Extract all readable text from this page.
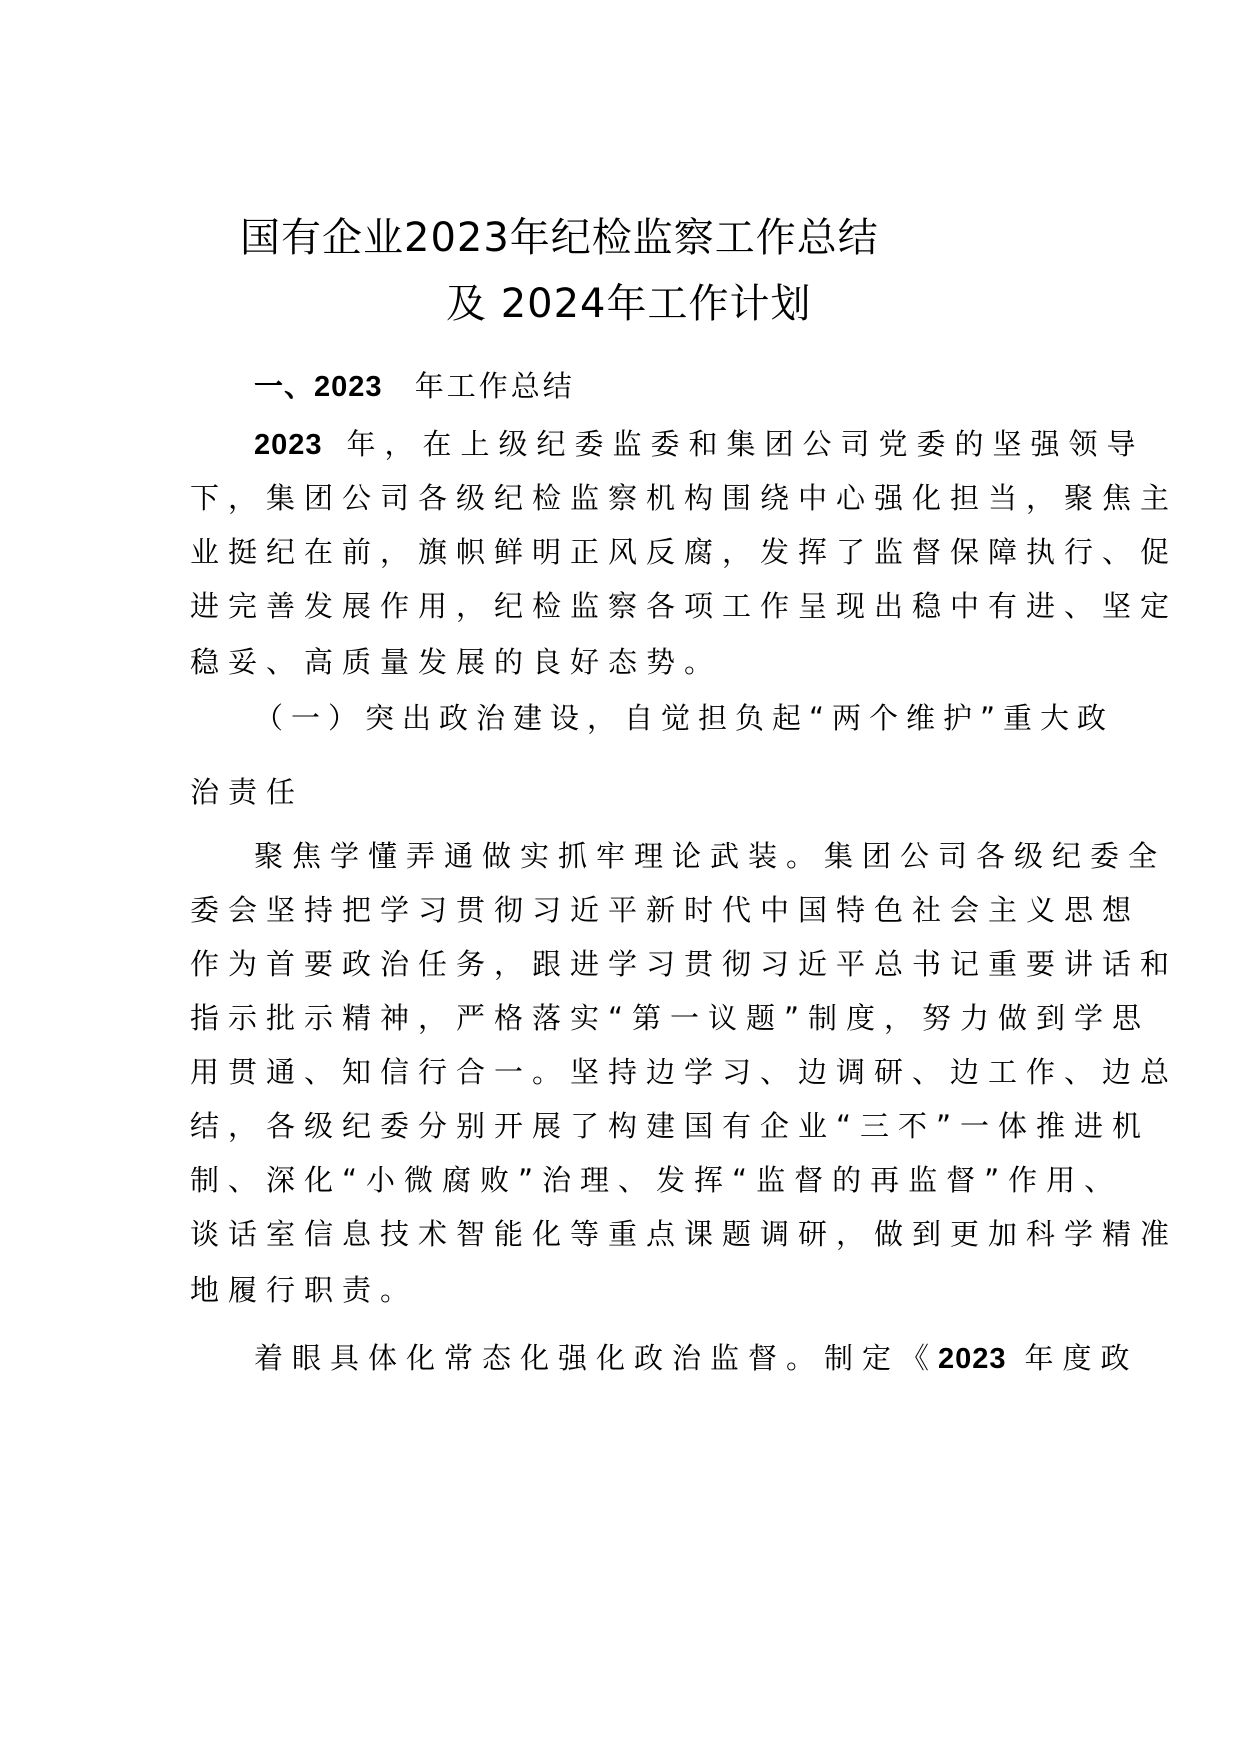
国有企业2023年纪检监察工作总结
及 2024年工作计划
一、2023 年工作总结
2023 年，在上级纪委监委和集团公司党委的坚强领导
下，集团公司各级纪检监察机构围绕中心强化担当，聚焦主
业挺纪在前，旗帜鲜明正风反腐，发挥了监督保障执行、促
进完善发展作用，纪检监察各项工作呈现出稳中有进、坚定
稳妥、高质量发展的良好态势。
（一）突出政治建设，自觉担负起“两个维护”重大政
治责任
聚焦学懂弄通做实抓牢理论武装。集团公司各级纪委全
委会坚持把学习贯彻习近平新时代中国特色社会主义思想
作为首要政治任务，跟进学习贯彻习近平总书记重要讲话和
指示批示精神，严格落实“第一议题”制度，努力做到学思
用贯通、知信行合一。坚持边学习、边调研、边工作、边总
结，各级纪委分别开展了构建国有企业“三不”一体推进机
制、深化“小微腐败”治理、发挥“监督的再监督”作用、
谈话室信息技术智能化等重点课题调研，做到更加科学精准
地履行职责。
着眼具体化常态化强化政治监督。制定《2023 年度政
